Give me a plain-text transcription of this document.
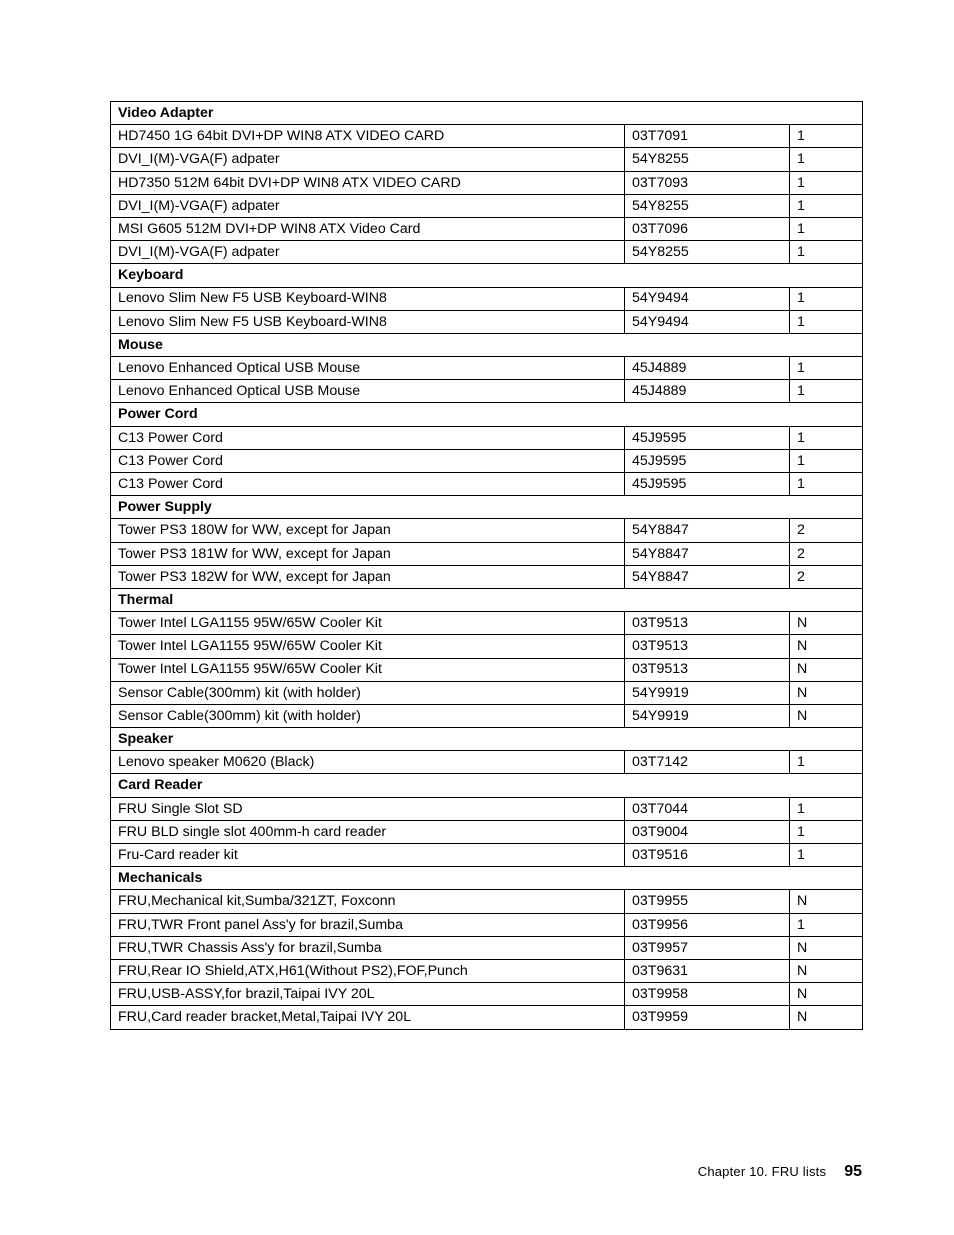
Video Adapter		
HD7450 1G 64bit DVI+DP WIN8 ATX VIDEO CARD	03T7091	1
DVI_I(M)-VGA(F) adpater	54Y8255	1
HD7350 512M 64bit DVI+DP WIN8 ATX VIDEO CARD	03T7093	1
DVI_I(M)-VGA(F) adpater	54Y8255	1
MSI G605 512M DVI+DP WIN8 ATX Video Card	03T7096	1
DVI_I(M)-VGA(F) adpater	54Y8255	1
Keyboard		
Lenovo Slim New F5 USB Keyboard-WIN8	54Y9494	1
Lenovo Slim New F5 USB Keyboard-WIN8	54Y9494	1
Mouse		
Lenovo Enhanced Optical USB Mouse	45J4889	1
Lenovo Enhanced Optical USB Mouse	45J4889	1
Power Cord		
C13 Power Cord	45J9595	1
C13 Power Cord	45J9595	1
C13 Power Cord	45J9595	1
Power Supply		
Tower PS3 180W for WW, except for Japan	54Y8847	2
Tower PS3 181W for WW, except for Japan	54Y8847	2
Tower PS3 182W for WW, except for Japan	54Y8847	2
Thermal		
Tower Intel LGA1155 95W/65W Cooler Kit	03T9513	N
Tower Intel LGA1155 95W/65W Cooler Kit	03T9513	N
Tower Intel LGA1155 95W/65W Cooler Kit	03T9513	N
Sensor Cable(300mm) kit (with holder)	54Y9919	N
Sensor Cable(300mm) kit (with holder)	54Y9919	N
Speaker		
Lenovo speaker M0620 (Black)	03T7142	1
Card Reader		
FRU Single Slot SD	03T7044	1
FRU BLD single slot 400mm-h card reader	03T9004	1
Fru-Card reader kit	03T9516	1
Mechanicals		
FRU,Mechanical kit,Sumba/321ZT, Foxconn	03T9955	N
FRU,TWR Front panel Ass'y for brazil,Sumba	03T9956	1
FRU,TWR Chassis Ass'y for brazil,Sumba	03T9957	N
FRU,Rear IO Shield,ATX,H61(Without PS2),FOF,Punch	03T9631	N
FRU,USB-ASSY,for brazil,Taipai IVY 20L	03T9958	N
FRU,Card reader bracket,Metal,Taipai IVY 20L	03T9959	N
Chapter 10. FRU lists 95
